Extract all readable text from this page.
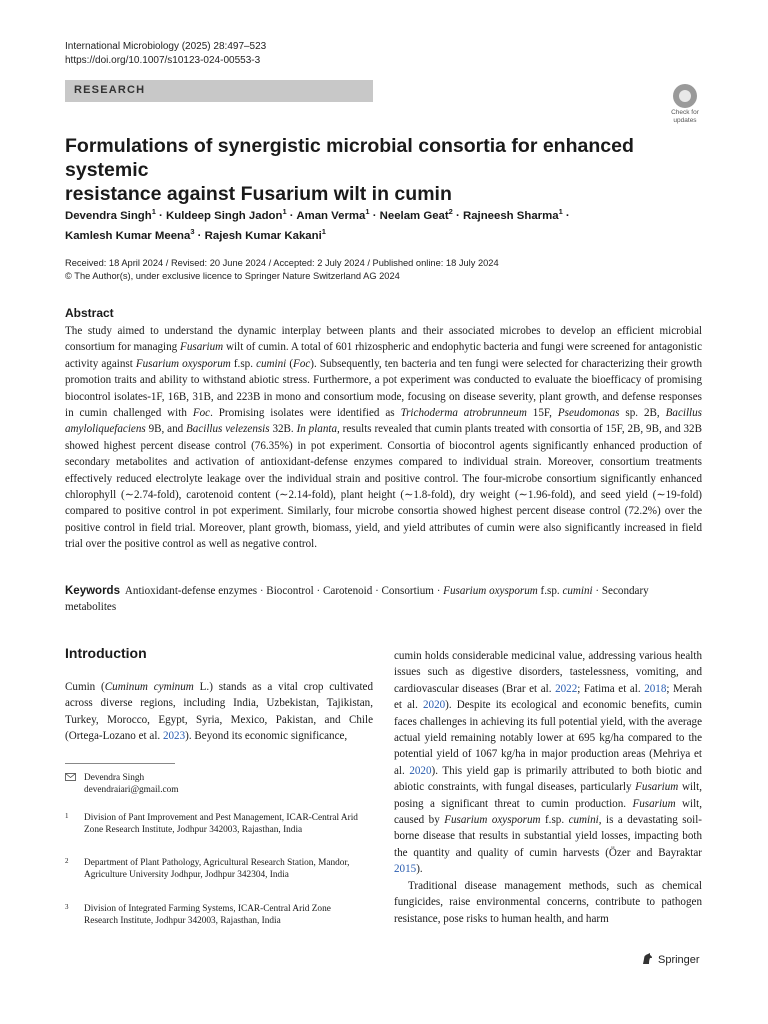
International Microbiology (2025) 28:497–523
https://doi.org/10.1007/s10123-024-00553-3
RESEARCH
Check for
updates
Formulations of synergistic microbial consortia for enhanced systemic
resistance against Fusarium wilt in cumin
Devendra Singh$^1$ · Kuldeep Singh Jadon$^1$ · Aman Verma$^1$ · Neelam Geat$^2$ · Rajneesh Sharma$^1$ ·
Kamlesh Kumar Meena$^3$ · Rajesh Kumar Kakani$^1$
Received: 18 April 2024 / Revised: 20 June 2024 / Accepted: 2 July 2024 / Published online: 18 July 2024
© The Author(s), under exclusive licence to Springer Nature Switzerland AG 2024
Abstract

The study aimed to understand the dynamic interplay between plants and their associated microbes to develop an efficient microbial consortium for managing Fusarium wilt of cumin. A total of 601 rhizospheric and endophytic bacteria and fungi were screened for antagonistic activity against Fusarium oxysporum f.sp. cumini (Foc). Subsequently, ten bacteria and ten fungi were selected for characterizing their growth promotion traits and ability to withstand abiotic stress. Furthermore, a pot experiment was conducted to evaluate the bioefficacy of promising biocontrol isolates-1F, 16B, 31B, and 223B in mono and consortium mode, focusing on disease severity, plant growth, and defense responses in cumin challenged with Foc. Promising isolates were identified as Trichoderma atrobrunneum 15F, Pseudomonas sp. 2B, Bacillus amyloliquefaciens 9B, and Bacillus velezensis 32B. In planta, results revealed that cumin plants treated with consortia of 15F, 2B, 9B, and 32B showed highest percent disease control (76.35%) in pot experiment. Consortia of biocontrol agents significantly enhanced production of secondary metabolites and activation of antioxidant-defense enzymes compared to individual strain. Moreover, consortium treatments effectively reduced electrolyte leakage over the individual strain and positive control. The four-microbe consortium significantly enhanced chlorophyll (∼2.74-fold), carotenoid content (∼2.14-fold), plant height (∼1.8-fold), dry weight (∼1.96-fold), and seed yield (∼19-fold) compared to positive control in pot experiment. Similarly, four microbe consortia showed highest percent disease control (72.2%) over the positive control in field trial. Moreover, plant growth, biomass, yield, and yield attributes of cumin were also significantly increased in field trial over the positive control as well as negative control.

Keywords Antioxidant-defense enzymes · Biocontrol · Carotenoid · Consortium · Fusarium oxysporum f.sp. cumini · Secondary metabolites
Introduction

Cumin (Cuminum cyminum L.) stands as a vital crop cultivated across diverse regions, including India, Uzbekistan, Tajikistan, Turkey, Morocco, Egypt, Syria, Mexico, Pakistan, and Chile (Ortega-Lozano et al. 2023). Beyond its economic significance,

Devendra Singh
devendraiari@gmail.com
1 Division of Pant Improvement and Pest Management, ICAR-Central Arid Zone Research Institute, Jodhpur 342003, Rajasthan, India
2 Department of Plant Pathology, Agricultural Research Station, Mandor, Agriculture University Jodhpur, Jodhpur 342304, India
3 Division of Integrated Farming Systems, ICAR-Central Arid Zone Research Institute, Jodhpur 342003, Rajasthan, India

cumin holds considerable medicinal value, addressing various health issues such as digestive disorders, tastelessness, vomiting, and cardiovascular diseases (Brar et al. 2022; Fatima et al. 2018; Merah et al. 2020). Despite its ecological and economic benefits, cumin faces challenges in achieving its full potential yield, with the average actual yield remaining notably lower at 695 kg/ha compared to the potential yield of 1067 kg/ha in major production areas (Mehriya et al. 2020). This yield gap is primarily attributed to both biotic and abiotic constraints, with fungal diseases, particularly Fusarium wilt, posing a significant threat to cumin production. Fusarium wilt, caused by Fusarium oxysporum f.sp. cumini, is a devastating soil-borne disease that results in substantial yield losses, impacting both the quantity and quality of cumin harvests (Özer and Bayraktar 2015).

Traditional disease management methods, such as chemical fungicides, raise environmental concerns, contribute to pathogen resistance, pose risks to human health, and harm

Springer
